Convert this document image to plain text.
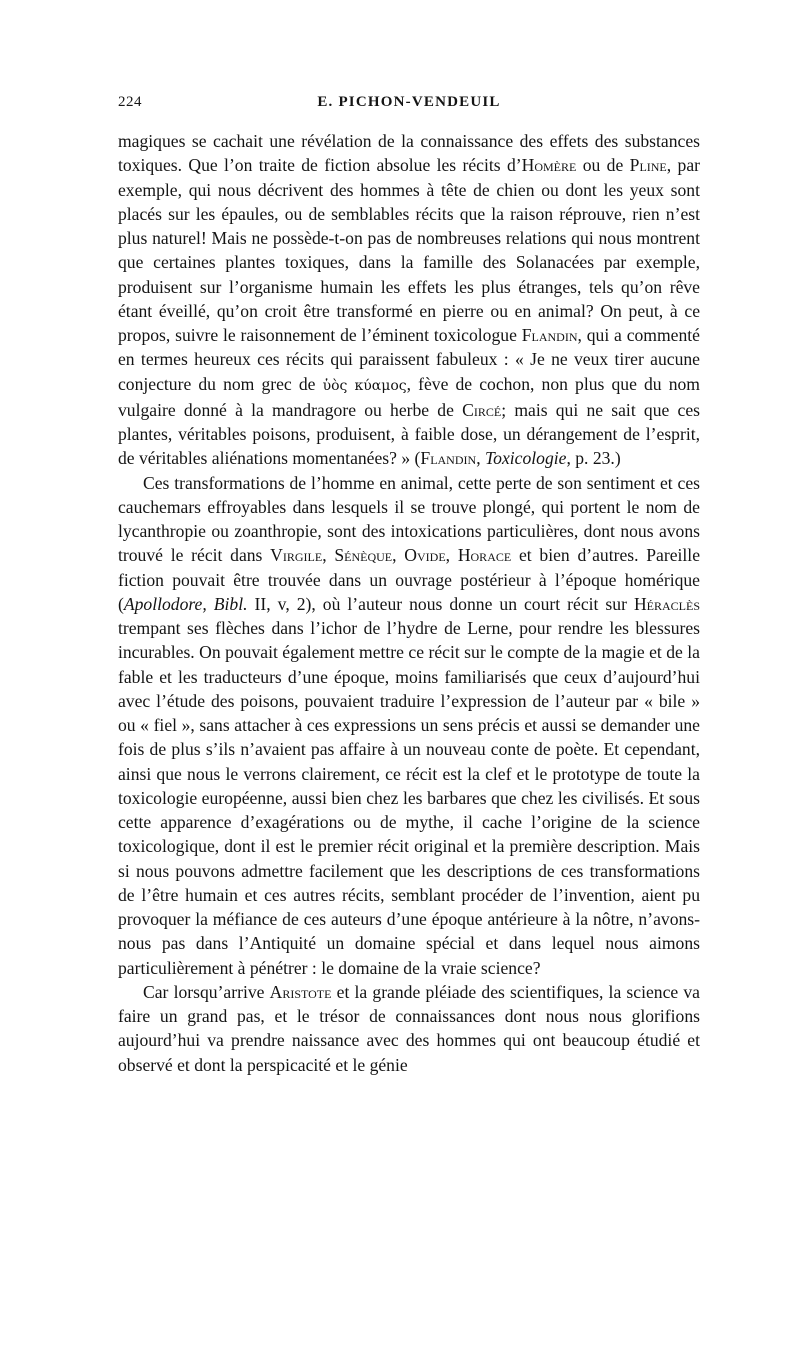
224	E. PICHON-VENDEUIL

magiques se cachait une révélation de la connaissance des effets des substances toxiques. Que l’on traite de fiction absolue les récits d’Homère ou de Pline, par exemple, qui nous décrivent des hommes à tête de chien ou dont les yeux sont placés sur les épaules, ou de semblables récits que la raison réprouve, rien n’est plus naturel! Mais ne possède-t-on pas de nombreuses relations qui nous montrent que certaines plantes toxiques, dans la famille des Solanacées par exemple, produisent sur l’organisme humain les effets les plus étranges, tels qu’on rêve étant éveillé, qu’on croit être transformé en pierre ou en animal? On peut, à ce propos, suivre le raisonnement de l’éminent toxicologue Flandin, qui a commenté en termes heureux ces récits qui paraissent fabuleux : « Je ne veux tirer aucune conjecture du nom grec de ὑὸς κύαμος, fève de cochon, non plus que du nom vulgaire donné à la mandragore ou herbe de Circé; mais qui ne sait que ces plantes, véritables poisons, produisent, à faible dose, un dérangement de l’esprit, de véritables aliénations momentanées? » (Flandin, Toxicologie, p. 23.)

Ces transformations de l’homme en animal, cette perte de son sentiment et ces cauchemars effroyables dans lesquels il se trouve plongé, qui portent le nom de lycanthropie ou zoanthropie, sont des intoxications particulières, dont nous avons trouvé le récit dans Virgile, Sénèque, Ovide, Horace et bien d’autres. Pareille fiction pouvait être trouvée dans un ouvrage postérieur à l’époque homérique (Apollodore, Bibl. II, v, 2), où l’auteur nous donne un court récit sur Héraclès trempant ses flèches dans l’ichor de l’hydre de Lerne, pour rendre les blessures incurables. On pouvait également mettre ce récit sur le compte de la magie et de la fable et les traducteurs d’une époque, moins familiarisés que ceux d’aujourd’hui avec l’étude des poisons, pouvaient traduire l’expression de l’auteur par « bile » ou « fiel », sans attacher à ces expressions un sens précis et aussi se demander une fois de plus s’ils n’avaient pas affaire à un nouveau conte de poète. Et cependant, ainsi que nous le verrons clairement, ce récit est la clef et le prototype de toute la toxicologie européenne, aussi bien chez les barbares que chez les civilisés. Et sous cette apparence d’exagérations ou de mythe, il cache l’origine de la science toxicologique, dont il est le premier récit original et la première description. Mais si nous pouvons admettre facilement que les descriptions de ces transformations de l’être humain et ces autres récits, semblant procéder de l’invention, aient pu provoquer la méfiance de ces auteurs d’une époque antérieure à la nôtre, n’avons-nous pas dans l’Antiquité un domaine spécial et dans lequel nous aimons particulièrement à pénétrer : le domaine de la vraie science?

Car lorsqu’arrive Aristote et la grande pléiade des scientifiques, la science va faire un grand pas, et le trésor de connaissances dont nous nous glorifions aujourd’hui va prendre naissance avec des hommes qui ont beaucoup étudié et observé et dont la perspicacité et le génie
